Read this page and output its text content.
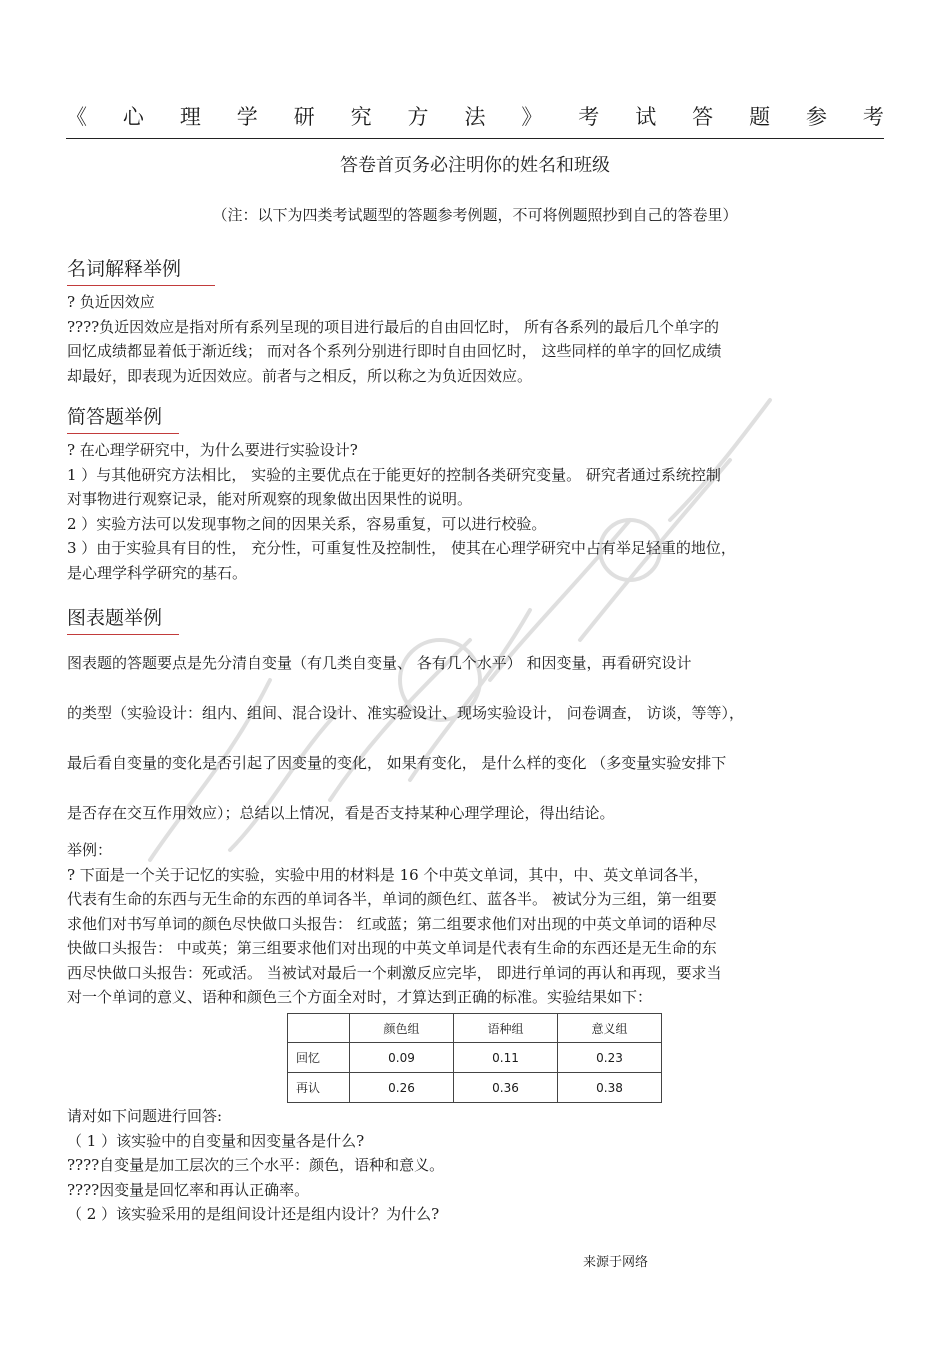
《 心 理 学 研 究 方 法 》 考 试 答 题 参 考
答卷首页务必注明你的姓名和班级
（注：以下为四类考试题型的答题参考例题，不可将例题照抄到自己的答卷里）
名词解释举例

? 负近因效应

????负近因效应是指对所有系列呈现的项目进行最后的自由回忆时， 所有各系列的最后几个单字的

回忆成绩都显着低于渐近线； 而对各个系列分别进行即时自由回忆时， 这些同样的单字的回忆成绩

却最好，即表现为近因效应。前者与之相反，所以称之为负近因效应。

简答题举例

? 在心理学研究中，为什么要进行实验设计?

1 ）与其他研究方法相比， 实验的主要优点在于能更好的控制各类研究变量。 研究者通过系统控制

对事物进行观察记录，能对所观察的现象做出因果性的说明。

2 ）实验方法可以发现事物之间的因果关系，容易重复，可以进行校验。

3 ）由于实验具有目的性， 充分性，可重复性及控制性， 使其在心理学研究中占有举足轻重的地位，

是心理学科学研究的基石。

图表题举例
图表题的答题要点是先分清自变量（有几类自变量、 各有几个水平） 和因变量，再看研究设计
的类型（实验设计：组内、组间、混合设计、准实验设计、现场实验设计， 问卷调查， 访谈，等等），
最后看自变量的变化是否引起了因变量的变化， 如果有变化， 是什么样的变化 （多变量实验安排下
是否存在交互作用效应）；总结以上情况，看是否支持某种心理学理论，得出结论。

举例：

? 下面是一个关于记忆的实验，实验中用的材料是 16 个中英文单词，其中，中、英文单词各半，

代表有生命的东西与无生命的东西的单词各半，单词的颜色红、蓝各半。 被试分为三组，第一组要

求他们对书写单词的颜色尽快做口头报告： 红或蓝；第二组要求他们对出现的中英文单词的语种尽

快做口头报告： 中或英；第三组要求他们对出现的中英文单词是代表有生命的东西还是无生命的东

西尽快做口头报告：死或活。 当被试对最后一个刺激反应完毕， 即进行单词的再认和再现，要求当

对一个单词的意义、语种和颜色三个方面全对时，才算达到正确的标准。实验结果如下：

	颜色组	语种组	意义组
回忆	0.09	0.11	0.23
再认	0.26	0.36	0.38

请对如下问题进行回答:

（ 1 ）该实验中的自变量和因变量各是什么?

????自变量是加工层次的三个水平：颜色，语种和意义。

????因变量是回忆率和再认正确率。

（ 2 ）该实验采用的是组间设计还是组内设计？为什么?

来源于网络
